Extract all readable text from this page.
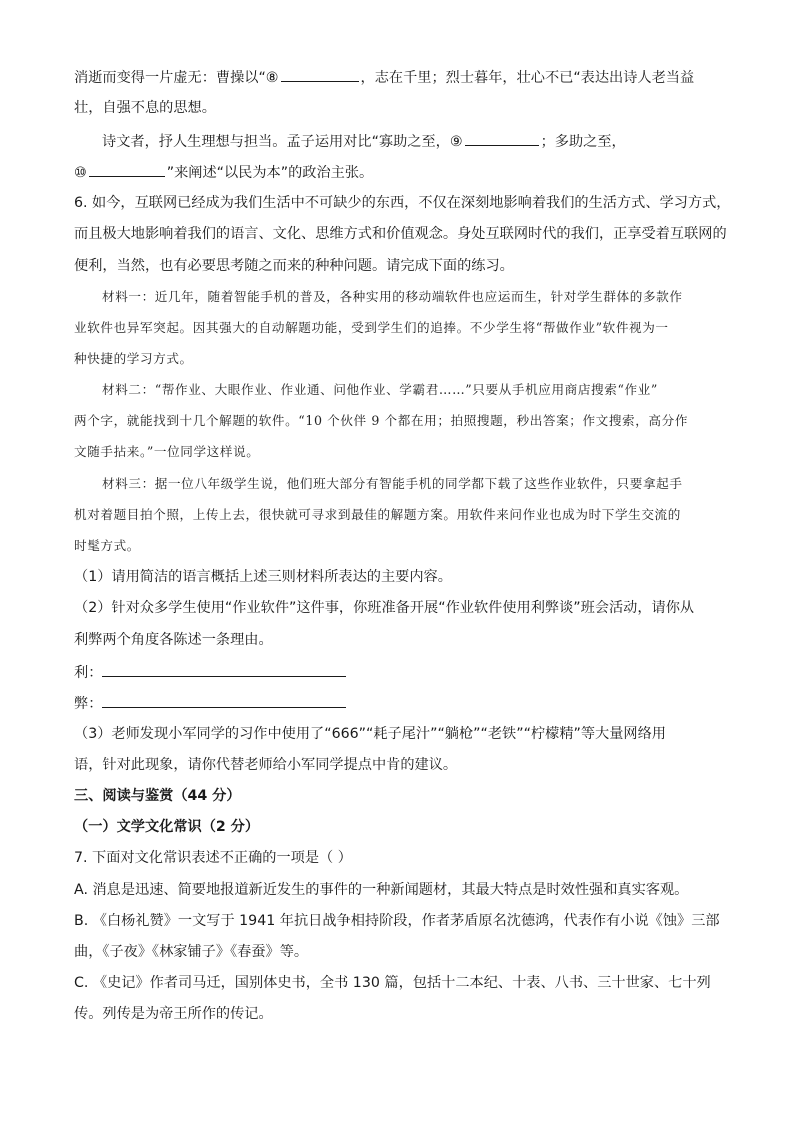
消逝而变得一片虚无：曹操以“⑧	，志在千里；烈士暮年，壮心不已“表达出诗人老当益
壮，自强不息的思想。
诗文者，抒人生理想与担当。孟子运用对比“寡助之至，⑨	；多助之至，
⑩	”来阐述“以民为本”的政治主张。
6. 如今，互联网已经成为我们生活中不可缺少的东西，不仅在深刻地影响着我们的生活方式、学习方式，
而且极大地影响着我们的语言、文化、思维方式和价值观念。身处互联网时代的我们，正享受着互联网的
便利，当然，也有必要思考随之而来的种种问题。请完成下面的练习。
材料一：近几年，随着智能手机的普及，各种实用的移动端软件也应运而生，针对学生群体的多款作
业软件也异军突起。因其强大的自动解题功能，受到学生们的追捧。不少学生将“帮做作业”软件视为一
种快捷的学习方式。
材料二：“帮作业、大眼作业、作业通、问他作业、学霸君……”只要从手机应用商店搜索“作业”
两个字，就能找到十几个解题的软件。“10 个伙伴 9 个都在用；拍照搜题，秒出答案；作文搜索，高分作
文随手拈来。”一位同学这样说。
材料三：据一位八年级学生说，他们班大部分有智能手机的同学都下载了这些作业软件，只要拿起手
机对着题目拍个照，上传上去，很快就可寻求到最佳的解题方案。用软件来问作业也成为时下学生交流的
时髦方式。
（1）请用简洁的语言概括上述三则材料所表达的主要内容。
（2）针对众多学生使用“作业软件”这件事，你班准备开展“作业软件使用利弊谈”班会活动，请你从
利弊两个角度各陈述一条理由。
利：
弊：
（3）老师发现小军同学的习作中使用了“666”“耗子尾汁”“躺枪”“老铁”“柠檬精”等大量网络用
语，针对此现象，请你代替老师给小军同学提点中肯的建议。
三、阅读与鉴赏（44 分）
（一）文学文化常识（2 分）
7. 下面对文化常识表述不正确的一项是（ ）
A. 消息是迅速、简要地报道新近发生的事件的一种新闻题材，其最大特点是时效性强和真实客观。
B. 《白杨礼赞》一文写于 1941 年抗日战争相持阶段，作者茅盾原名沈德鸿，代表作有小说《蚀》三部
曲，《子夜》《林家铺子》《春蚕》等。
C. 《史记》作者司马迁，国别体史书，全书 130 篇，包括十二本纪、十表、八书、三十世家、七十列
传。列传是为帝王所作的传记。
